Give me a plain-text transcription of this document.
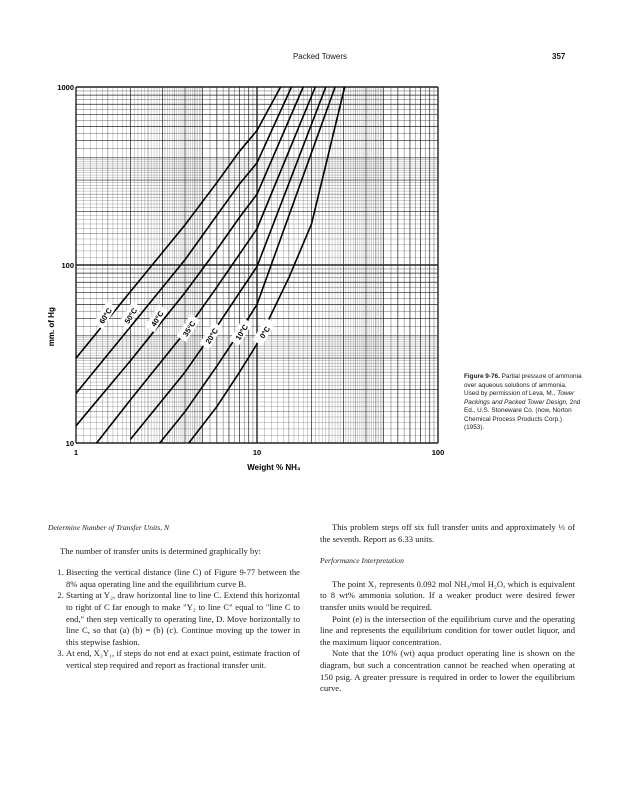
Packed Towers	357
60°C 50°C 40°C
35°C 20°C 10°C 0°C
1	10	100
10
100
1000
Weight % NH₃
mm. of Hg
Figure 9-76. Partial pressure of ammonia over aqueous solutions of ammonia. Used by permission of Leva, M., Tower Packings and Packed Tower Design, 2nd Ed., U.S. Stoneware Co. (now, Norton Chemical Process Products Corp.) (1953).
Determine Number of Transfer Units, N

The number of transfer units is determined graphically by:

1. Bisecting the vertical distance (line C) of Figure 9-77 between the 8% aqua operating line and the equilibrium curve B.
2. Starting at Y₂, draw horizontal line to line C. Extend this horizontal to right of C far enough to make "Y₂ to line C" equal to "line C to end," then step vertically to operating line, D. Move horizontally to line C, so that (a) (b) = (b) (c). Continue moving up the tower in this stepwise fashion.
3. At end, X₂Y₁, if steps do not end at exact point, estimate fraction of vertical step required and report as fractional transfer unit.

This problem steps off six full transfer units and approximately ⅓ of the seventh. Report as 6.33 units.

Performance Interpretation

The point X₁ represents 0.092 mol NH₃/mol H₂O, which is equivalent to 8 wt% ammonia solution. If a weaker product were desired fewer transfer units would be required.

Point (e) is the intersection of the equilibrium curve and the operating line and represents the equilibrium condition for tower outlet liquor, and the maximum liquor concentration.

Note that the 10% (wt) aqua product operating line is shown on the diagram, but such a concentration cannot be reached when operating at 150 psig. A greater pressure is required in order to lower the equilibrium curve.
